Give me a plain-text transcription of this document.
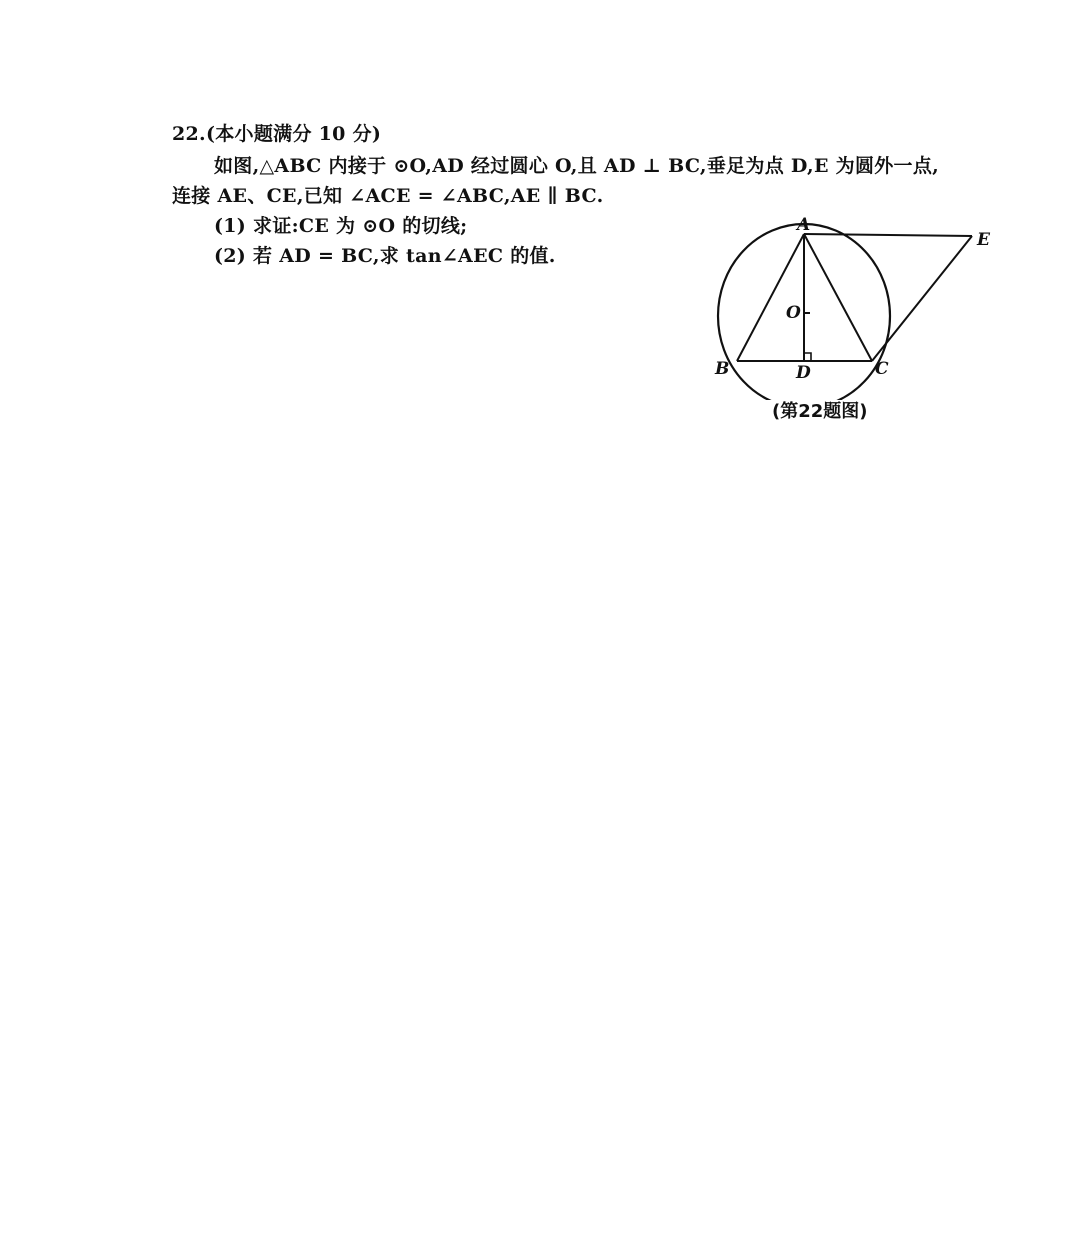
22.(本小题满分 10 分)
如图,△ABC 内接于 ⊙O,AD 经过圆心 O,且 AD ⊥ BC,垂足为点 D,E 为圆外一点,
连接 AE、CE,已知 ∠ACE = ∠ABC,AE ∥ BC.
(1) 求证:CE 为 ⊙O 的切线;
(2) 若 AD = BC,求 tan∠AEC 的值.
A
E
O
B	D	C
(第22题图)
